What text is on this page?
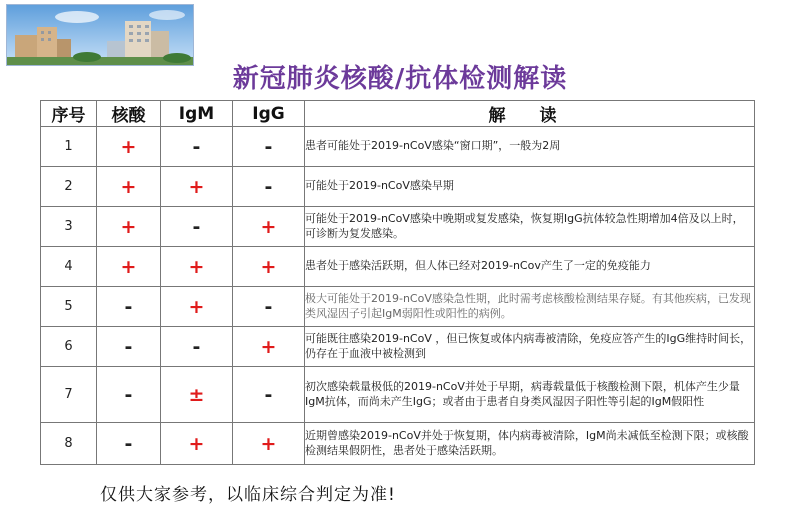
新冠肺炎核酸/抗体检测解读
序号	核酸	IgM	IgG	解 读
1	+	-	-	患者可能处于2019-nCoV感染“窗口期”，一般为2周
2	+	+	-	可能处于2019-nCoV感染早期
3	+	-	+	可能处于2019-nCoV感染中晚期或复发感染，恢复期IgG抗体较急性期增加4倍及以上时，可诊断为复发感染。
4	+	+	+	患者处于感染活跃期，但人体已经对2019-nCov产生了一定的免疫能力
5	-	+	-	极大可能处于2019-nCoV感染急性期，此时需考虑核酸检测结果存疑。有其他疾病，已发现类风湿因子引起IgM弱阳性或阳性的病例。
6	-	-	+	可能既往感染2019-nCoV ，但已恢复或体内病毒被清除，免疫应答产生的IgG维持时间长，仍存在于血液中被检测到
7	-	±	-	初次感染载量极低的2019-nCoV并处于早期，病毒载量低于核酸检测下限，机体产生少量IgM抗体，而尚未产生IgG；或者由于患者自身类风湿因子阳性等引起的IgM假阳性
8	-	+	+	近期曾感染2019-nCoV并处于恢复期，体内病毒被清除，IgM尚未减低至检测下限；或核酸检测结果假阴性，患者处于感染活跃期。
仅供大家参考，以临床综合判定为准!
